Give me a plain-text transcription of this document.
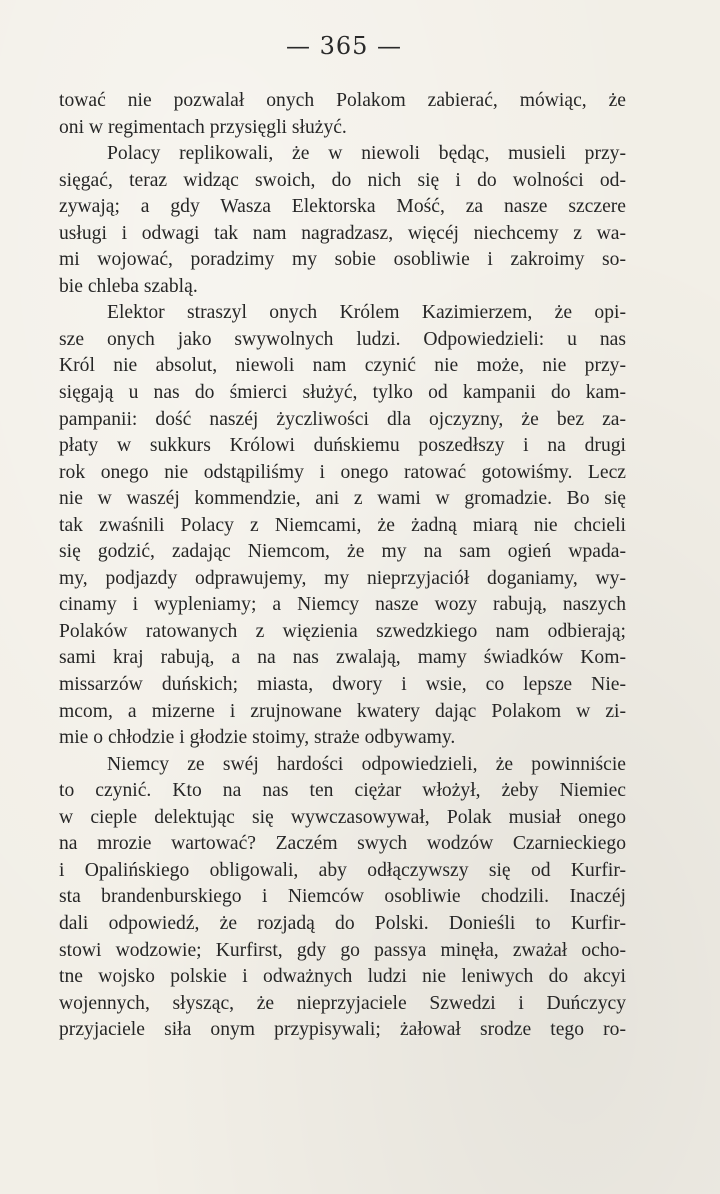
— 365 —
tować nie pozwalał onych Polakom zabierać, mówiąc, że
oni w regimentach przysięgli służyć.
Polacy replikowali, że w niewoli będąc, musieli przy-
sięgać, teraz widząc swoich, do nich się i do wolności od-
zywają; a gdy Wasza Elektorska Mość, za nasze szczere
usługi i odwagi tak nam nagradzasz, więcéj niechcemy z wa-
mi wojować, poradzimy my sobie osobliwie i zakroimy so-
bie chleba szablą.
Elektor straszyl onych Królem Kazimierzem, że opi-
sze onych jako swywolnych ludzi. Odpowiedzieli: u nas
Król nie absolut, niewoli nam czynić nie może, nie przy-
sięgają u nas do śmierci służyć, tylko od kampanii do kam-
pampanii: dość naszéj życzliwości dla ojczyzny, że bez za-
płaty w sukkurs Królowi duńskiemu poszedłszy i na drugi
rok onego nie odstąpiliśmy i onego ratować gotowiśmy. Lecz
nie w waszéj kommendzie, ani z wami w gromadzie. Bo się
tak zwaśnili Polacy z Niemcami, że żadną miarą nie chcieli
się godzić, zadając Niemcom, że my na sam ogień wpada-
my, podjazdy odprawujemy, my nieprzyjaciół doganiamy, wy-
cinamy i wypleniamy; a Niemcy nasze wozy rabują, naszych
Polaków ratowanych z więzienia szwedzkiego nam odbierają;
sami kraj rabują, a na nas zwalają, mamy świadków Kom-
missarzów duńskich; miasta, dwory i wsie, co lepsze Nie-
mcom, a mizerne i zrujnowane kwatery dając Polakom w zi-
mie o chłodzie i głodzie stoimy, straże odbywamy.
Niemcy ze swéj hardości odpowiedzieli, że powinniście
to czynić. Kto na nas ten ciężar włożył, żeby Niemiec
w cieple delektując się wywczasowywał, Polak musiał onego
na mrozie wartować? Zaczém swych wodzów Czarnieckiego
i Opalińskiego obligowali, aby odłączywszy się od Kurfir-
sta brandenburskiego i Niemców osobliwie chodzili. Inaczéj
dali odpowiedź, że rozjadą do Polski. Donieśli to Kurfir-
stowi wodzowie; Kurfirst, gdy go passya minęła, zważał ocho-
tne wojsko polskie i odważnych ludzi nie leniwych do akcyi
wojennych, słysząc, że nieprzyjaciele Szwedzi i Duńczycy
przyjaciele siła onym przypisywali; żałował srodze tego ro-
